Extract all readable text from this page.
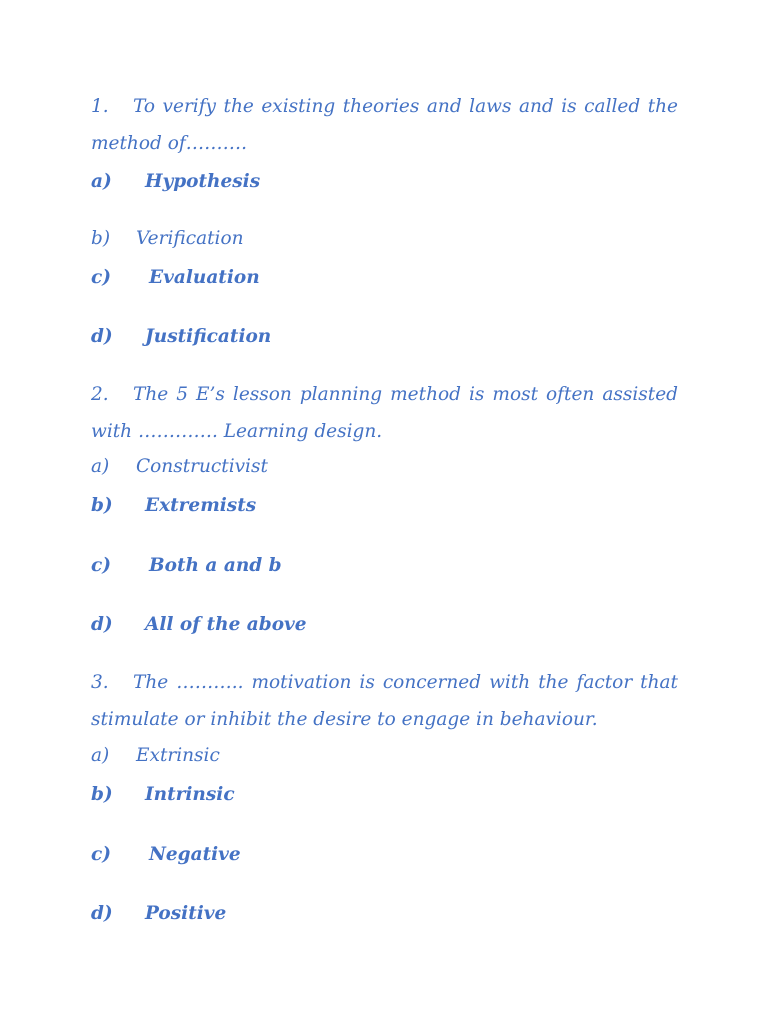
1. To verify the existing theories and laws and is called the method of……….

a) Hypothesis

b) Verification

c) Evaluation

d) Justification

2. The 5 E’s lesson planning method is most often assisted with …………. Learning design.

a) Constructivist

b) Extremists

c) Both a and b

d) All of the above

3. The ……….. motivation is concerned with the factor that stimulate or inhibit the desire to engage in behaviour.

a) Extrinsic

b) Intrinsic

c) Negative

d) Positive
